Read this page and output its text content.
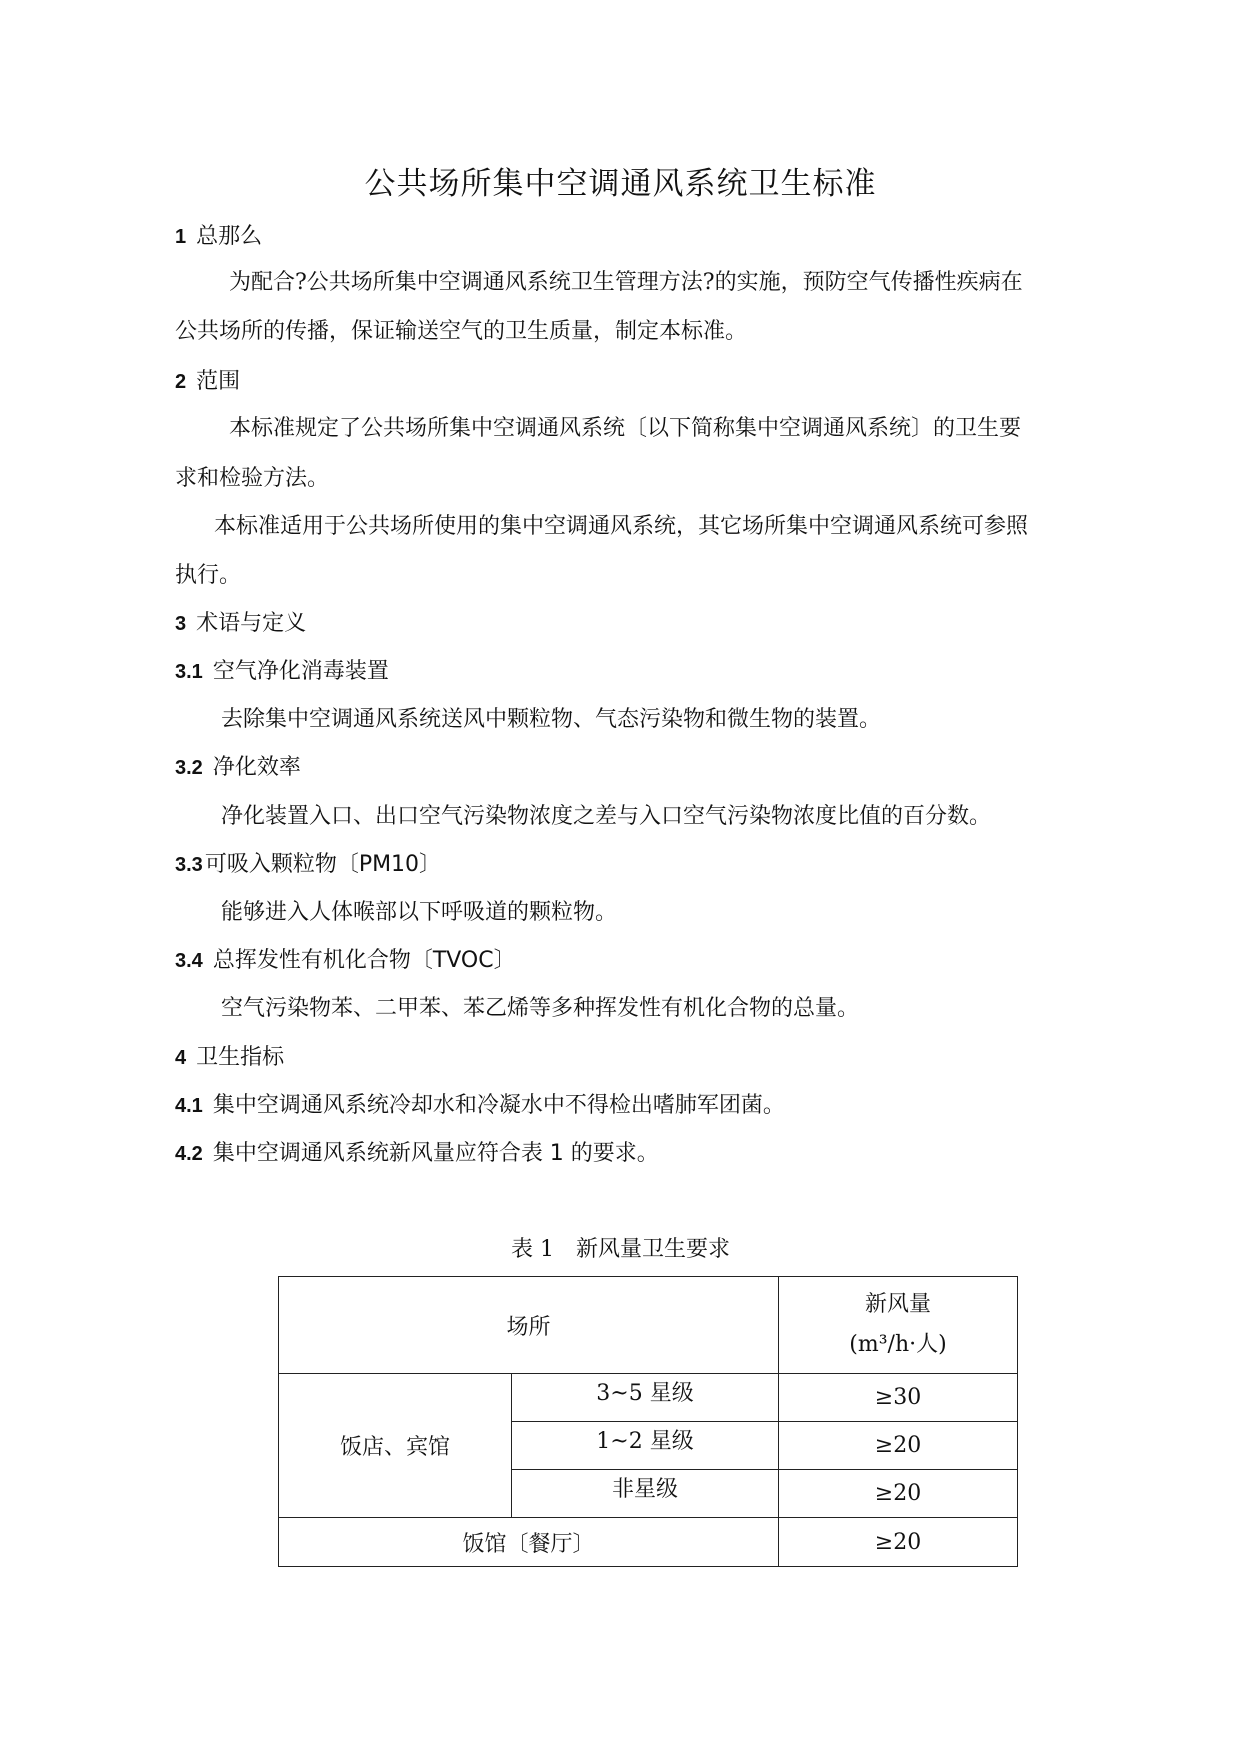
公共场所集中空调通风系统卫生标准
1 总那么
为配合?公共场所集中空调通风系统卫生管理方法?的实施，预防空气传播性疾病在
公共场所的传播，保证输送空气的卫生质量，制定本标准。
2 范围
本标准规定了公共场所集中空调通风系统〔以下简称集中空调通风系统〕的卫生要
求和检验方法。
本标准适用于公共场所使用的集中空调通风系统，其它场所集中空调通风系统可参照
执行。
3 术语与定义
3.1 空气净化消毒装置
去除集中空调通风系统送风中颗粒物、气态污染物和微生物的装置。
3.2 净化效率
净化装置入口、出口空气污染物浓度之差与入口空气污染物浓度比值的百分数。
3.3可吸入颗粒物〔PM10〕
能够进入人体喉部以下呼吸道的颗粒物。
3.4 总挥发性有机化合物〔TVOC〕
空气污染物苯、二甲苯、苯乙烯等多种挥发性有机化合物的总量。
4 卫生指标
4.1 集中空调通风系统冷却水和冷凝水中不得检出嗜肺军团菌。
4.2 集中空调通风系统新风量应符合表 1 的要求。
表 1　新风量卫生要求
场所		新风量
(m³/h·人)

饭店、宾馆	3~5 星级	≥30
	1~2 星级	≥20
	非星级	≥20
饭馆〔餐厅〕		≥20
